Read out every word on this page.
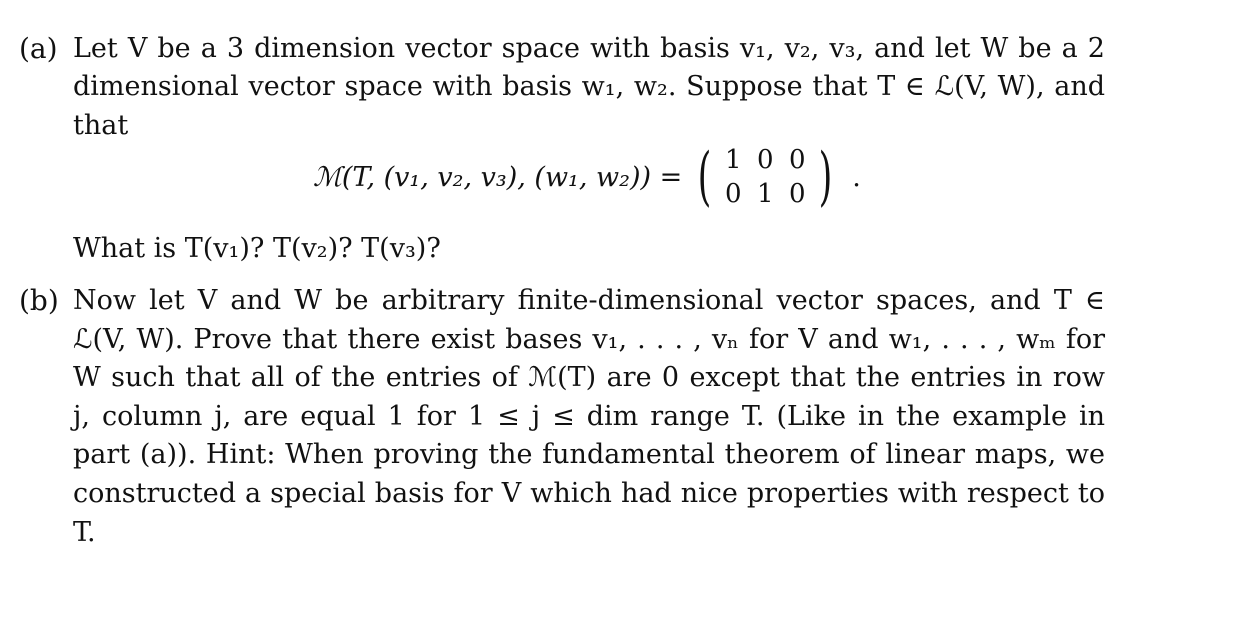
(a) Let V be a 3 dimension vector space with basis v₁, v₂, v₃, and let W be a 2
dimensional vector space with basis w₁, w₂. Suppose that T ∈ ℒ(V, W), and
that
ℳ(T, (v₁, v₂, v₃), (w₁, w₂)) = ( 1 0 0
0 1 0 ) .
What is T(v₁)? T(v₂)? T(v₃)?
(b) Now let V and W be arbitrary finite-dimensional vector spaces, and T ∈
ℒ(V, W). Prove that there exist bases v₁, . . . , vₙ for V and w₁, . . . , wₘ for
W such that all of the entries of ℳ(T) are 0 except that the entries in row
j, column j, are equal 1 for 1 ≤ j ≤ dim range T. (Like in the example in
part (a)). Hint: When proving the fundamental theorem of linear maps, we
constructed a special basis for V which had nice properties with respect to
T.
